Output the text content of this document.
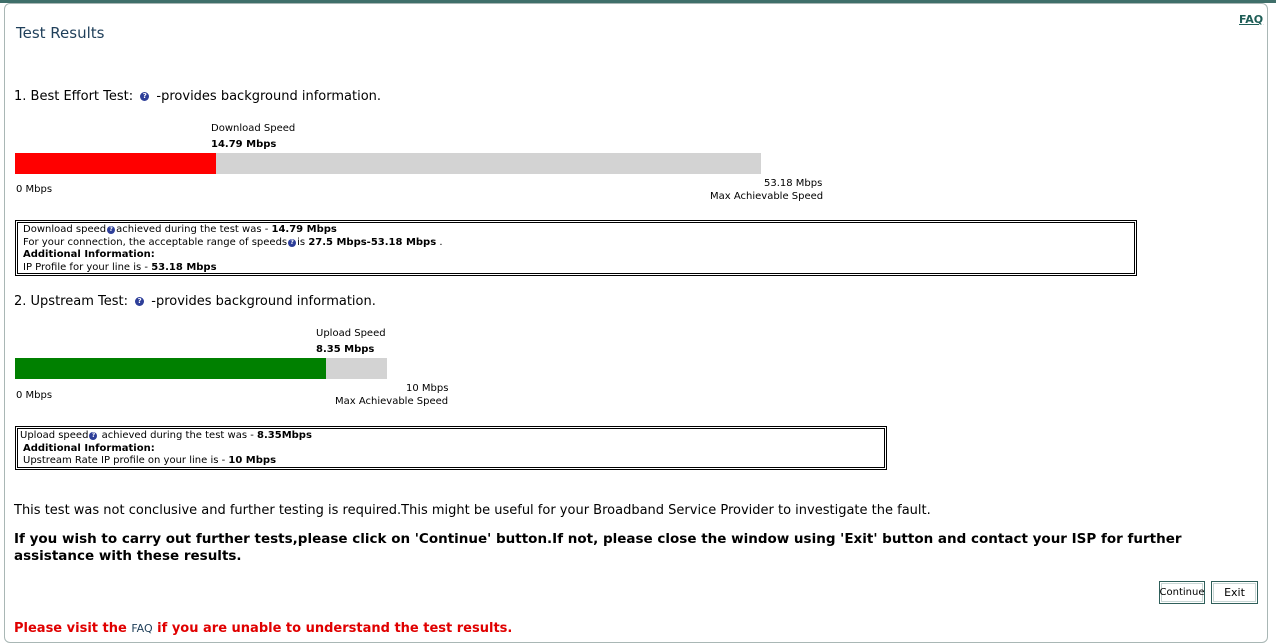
FAQ
Test Results
1. Best Effort Test: ? -provides background information.
Download Speed
14.79 Mbps
0 Mbps
53.18 Mbps
Max Achievable Speed
Download speed ? achieved during the test was - 14.79 Mbps
For your connection, the acceptable range of speeds ? is 27.5 Mbps-53.18 Mbps .
Additional Information:
IP Profile for your line is - 53.18 Mbps
2. Upstream Test: ? -provides background information.
Upload Speed
8.35 Mbps
0 Mbps
10 Mbps
Max Achievable Speed
Upload speed ? achieved during the test was - 8.35Mbps
Additional Information:
Upstream Rate IP profile on your line is - 10 Mbps
This test was not conclusive and further testing is required.This might be useful for your Broadband Service Provider to investigate the fault.
If you wish to carry out further tests,please click on 'Continue' button.If not, please close the window using 'Exit' button and contact your ISP for further assistance with these results.
Continue	Exit
Please visit the FAQ if you are unable to understand the test results.
